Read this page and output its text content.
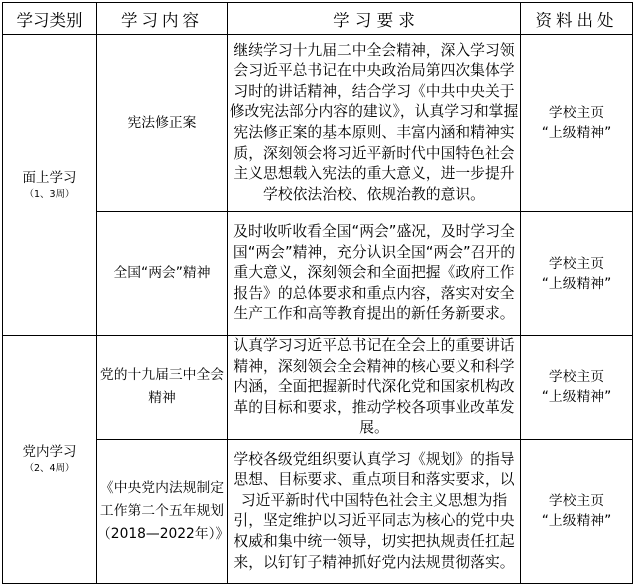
学习类别	学习内容	学 习 要 求	资料出处
面上学习
（1、3周）	宪法修正案	继续学习十九届二中全会精神，深入学习领会习近平总书记在中央政治局第四次集体学习时的讲话精神，结合学习《中共中央关于修改宪法部分内容的建议》，认真学习和掌握宪法修正案的基本原则、丰富内涵和精神实质，深刻领会将习近平新时代中国特色社会主义思想载入宪法的重大意义，进一步提升学校依法治校、依规治教的意识。	学校主页
“上级精神”

	全国“两会”精神	及时收听收看全国“两会”盛况，及时学习全国“两会”精神，充分认识全国“两会”召开的重大意义，深刻领会和全面把握《政府工作报告》的总体要求和重点内容，落实对安全生产工作和高等教育提出的新任务新要求。	学校主页
“上级精神”

党内学习
（2、4周）	党的十九届三中全会精神	认真学习习近平总书记在全会上的重要讲话精神，深刻领会全会精神的核心要义和科学内涵，全面把握新时代深化党和国家机构改革的目标和要求，推动学校各项事业改革发展。	学校主页
“上级精神”

	《中央党内法规制定工作第二个五年规划（2018—2022年）》	学校各级党组织要认真学习《规划》的指导思想、目标要求、重点项目和落实要求，以习近平新时代中国特色社会主义思想为指引，坚定维护以习近平同志为核心的党中央权威和集中统一领导，切实把执规责任扛起来，以钉钉子精神抓好党内法规贯彻落实。	学校主页
“上级精神”
